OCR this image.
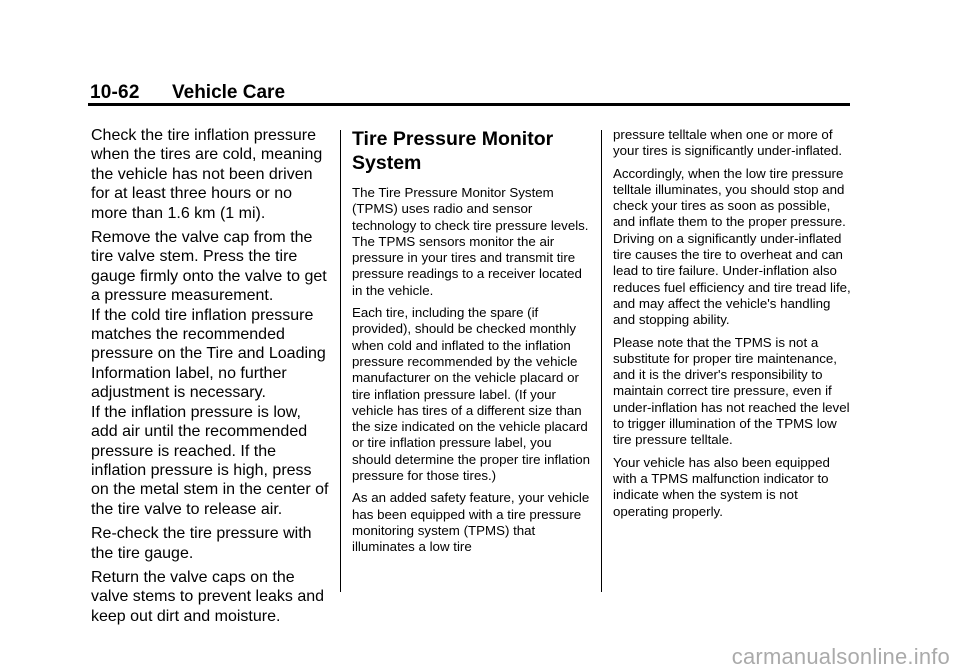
10-62 Vehicle Care

Check the tire inflation pressure when the tires are cold, meaning the vehicle has not been driven for at least three hours or no more than 1.6 km (1 mi).

Remove the valve cap from the tire valve stem. Press the tire gauge firmly onto the valve to get a pressure measurement.

If the cold tire inflation pressure matches the recommended pressure on the Tire and Loading Information label, no further adjustment is necessary.

If the inflation pressure is low, add air until the recommended pressure is reached. If the inflation pressure is high, press on the metal stem in the center of the tire valve to release air.

Re-check the tire pressure with the tire gauge.

Return the valve caps on the valve stems to prevent leaks and keep out dirt and moisture.

Tire Pressure Monitor System

The Tire Pressure Monitor System (TPMS) uses radio and sensor technology to check tire pressure levels. The TPMS sensors monitor the air pressure in your tires and transmit tire pressure readings to a receiver located in the vehicle.

Each tire, including the spare (if provided), should be checked monthly when cold and inflated to the inflation pressure recommended by the vehicle manufacturer on the vehicle placard or tire inflation pressure label. (If your vehicle has tires of a different size than the size indicated on the vehicle placard or tire inflation pressure label, you should determine the proper tire inflation pressure for those tires.)

As an added safety feature, your vehicle has been equipped with a tire pressure monitoring system (TPMS) that illuminates a low tire

pressure telltale when one or more of your tires is significantly under-inflated.

Accordingly, when the low tire pressure telltale illuminates, you should stop and check your tires as soon as possible, and inflate them to the proper pressure. Driving on a significantly under-inflated tire causes the tire to overheat and can lead to tire failure. Under-inflation also reduces fuel efficiency and tire tread life, and may affect the vehicle's handling and stopping ability.

Please note that the TPMS is not a substitute for proper tire maintenance, and it is the driver's responsibility to maintain correct tire pressure, even if under-inflation has not reached the level to trigger illumination of the TPMS low tire pressure telltale.

Your vehicle has also been equipped with a TPMS malfunction indicator to indicate when the system is not operating properly.

carmanualsonline.info
